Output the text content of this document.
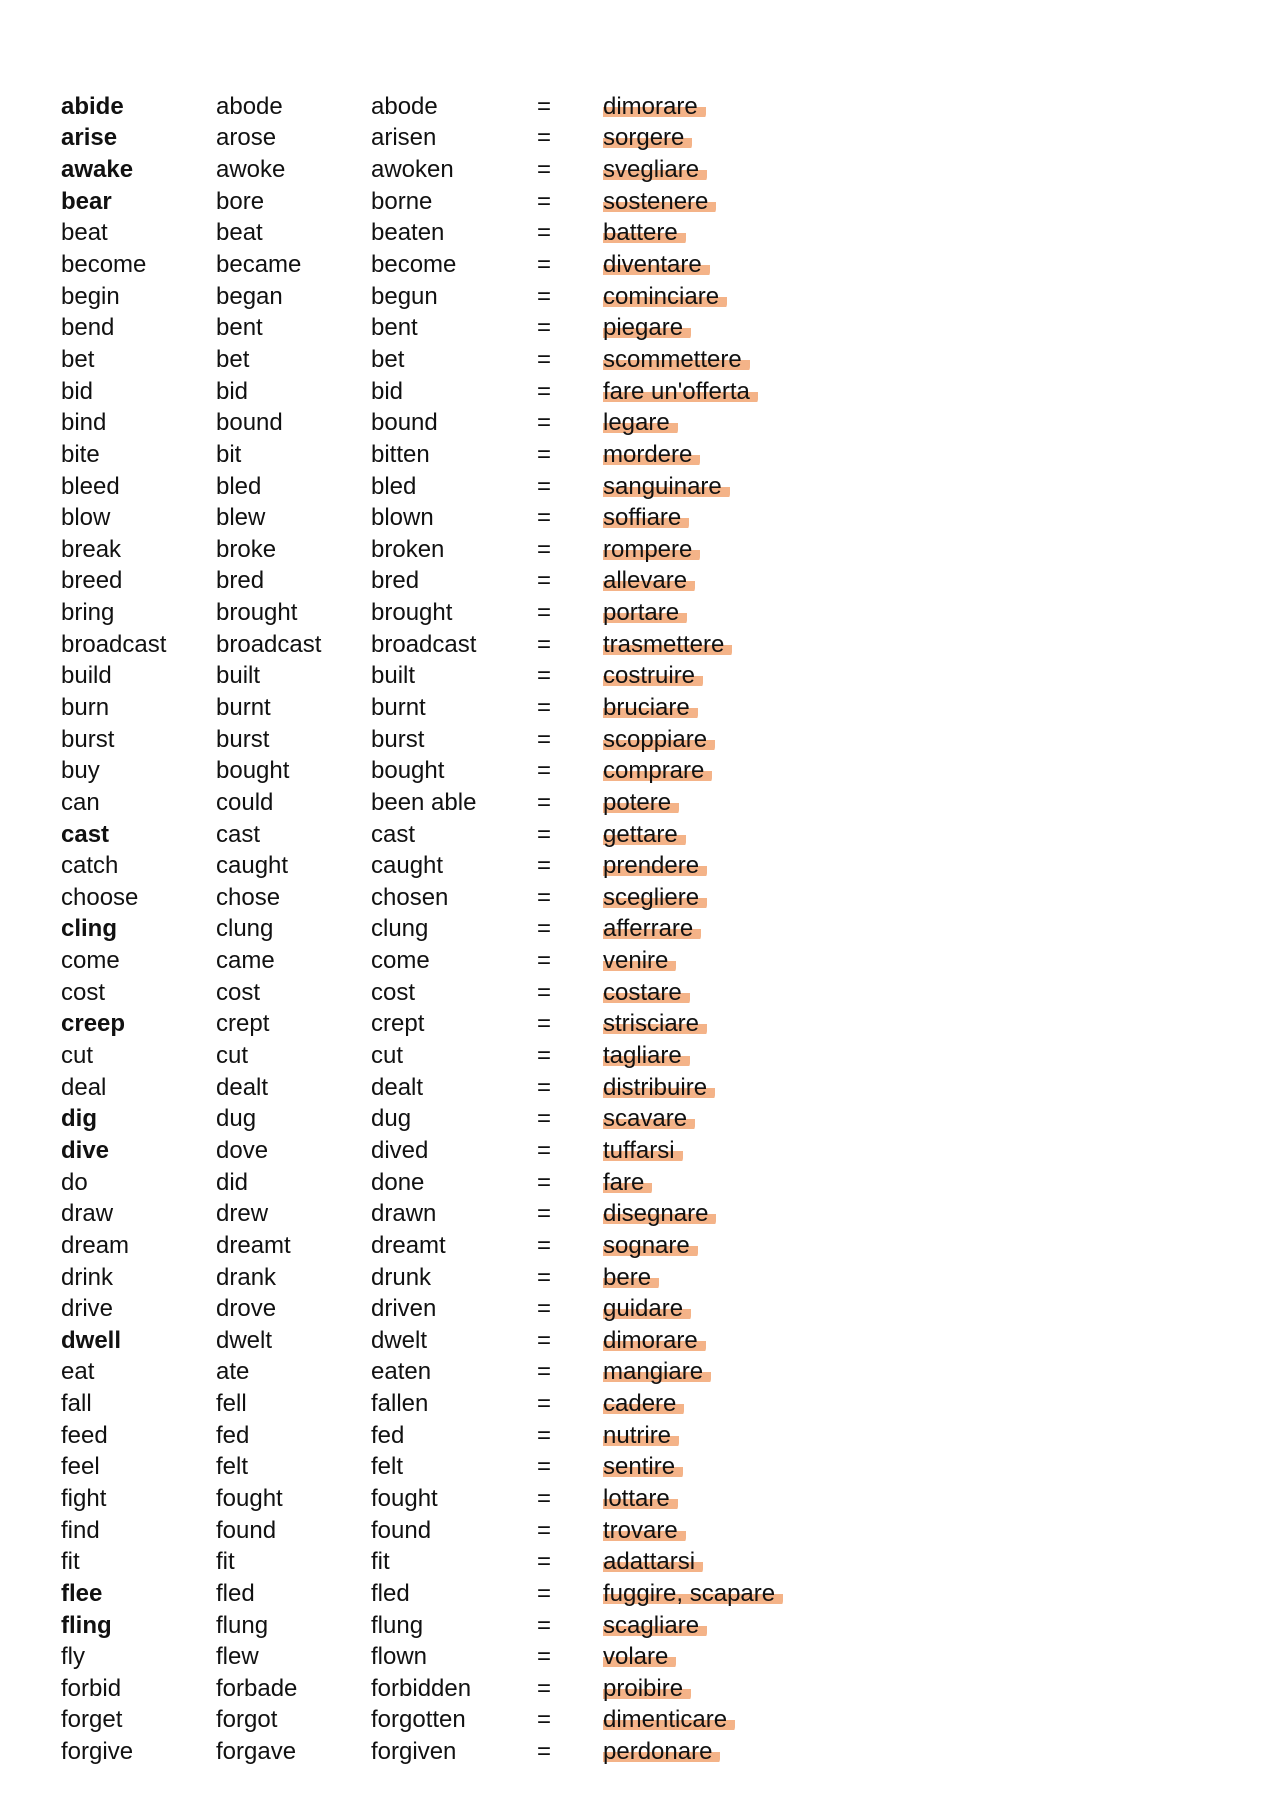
abide	abode	abode	=	dimorare
arise	arose	arisen	=	sorgere
awake	awoke	awoken	=	svegliare
bear	bore	borne	=	sostenere
beat	beat	beaten	=	battere
become	became	become	=	diventare
begin	began	begun	=	cominciare
bend	bent	bent	=	piegare
bet	bet	bet	=	scommettere
bid	bid	bid	=	fare un'offerta
bind	bound	bound	=	legare
bite	bit	bitten	=	mordere
bleed	bled	bled	=	sanguinare
blow	blew	blown	=	soffiare
break	broke	broken	=	rompere
breed	bred	bred	=	allevare
bring	brought	brought	=	portare
broadcast	broadcast	broadcast	=	trasmettere
build	built	built	=	costruire
burn	burnt	burnt	=	bruciare
burst	burst	burst	=	scoppiare
buy	bought	bought	=	comprare
can	could	been able	=	potere
cast	cast	cast	=	gettare
catch	caught	caught	=	prendere
choose	chose	chosen	=	scegliere
cling	clung	clung	=	afferrare
come	came	come	=	venire
cost	cost	cost	=	costare
creep	crept	crept	=	strisciare
cut	cut	cut	=	tagliare
deal	dealt	dealt	=	distribuire
dig	dug	dug	=	scavare
dive	dove	dived	=	tuffarsi
do	did	done	=	fare
draw	drew	drawn	=	disegnare
dream	dreamt	dreamt	=	sognare
drink	drank	drunk	=	bere
drive	drove	driven	=	guidare
dwell	dwelt	dwelt	=	dimorare
eat	ate	eaten	=	mangiare
fall	fell	fallen	=	cadere
feed	fed	fed	=	nutrire
feel	felt	felt	=	sentire
fight	fought	fought	=	lottare
find	found	found	=	trovare
fit	fit	fit	=	adattarsi
flee	fled	fled	=	fuggire, scapare
fling	flung	flung	=	scagliare
fly	flew	flown	=	volare
forbid	forbade	forbidden	=	proibire
forget	forgot	forgotten	=	dimenticare
forgive	forgave	forgiven	=	perdonare
